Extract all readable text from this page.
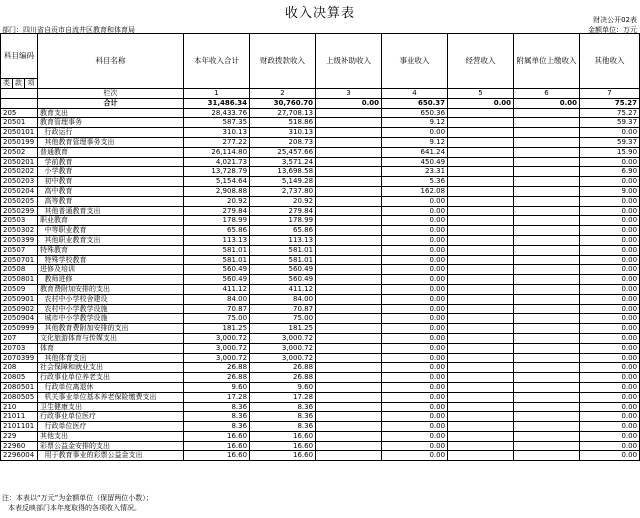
收入决算表	财决公开02表
部门：四川省自贡市自流井区教育和体育局	金额单位：万元
科目编码			科目名称	本年收入合计	财政拨款收入	上级补助收入	事业收入	经营收入	附属单位上缴收入	其他收入
类	款	项								
			栏次	1	2	3	4	5	6	7
			合计	31,486.34	30,760.70	0.00	650.37	0.00	0.00	75.27
205			教育支出	28,433.76	27,708.13		650.36			75.27
20501			教育管理事务	587.35	518.86		9.12			59.37
2050101			行政运行	310.13	310.13		0.00			0.00
2050199			其他教育管理事务支出	277.22	208.73		9.12			59.37
20502			普通教育	26,114.80	25,457.66		641.24			15.90
2050201			学前教育	4,021.73	3,571.24		450.49			0.00
2050202			小学教育	13,728.79	13,698.58		23.31			6.90
2050203			初中教育	5,154.64	5,149.28		5.36			0.00
2050204			高中教育	2,908.88	2,737.80		162.08			9.00
2050205			高等教育	20.92	20.92		0.00			0.00
2050299			其他普通教育支出	279.84	279.84		0.00			0.00
20503			职业教育	178.99	178.99		0.00			0.00
2050302			中等职业教育	65.86	65.86		0.00			0.00
2050399			其他职业教育支出	113.13	113.13		0.00			0.00
20507			特殊教育	581.01	581.01		0.00			0.00
2050701			特殊学校教育	581.01	581.01		0.00			0.00
20508			进修及培训	560.49	560.49		0.00			0.00
2050801			教师进修	560.49	560.49		0.00			0.00
20509			教育费附加安排的支出	411.12	411.12		0.00			0.00
2050901			农村中小学校舍建设	84.00	84.00		0.00			0.00
2050902			农村中小学教学设施	70.87	70.87		0.00			0.00
2050904			城市中小学教学设施	75.00	75.00		0.00			0.00
2050999			其他教育费附加安排的支出	181.25	181.25		0.00			0.00
207			文化旅游体育与传媒支出	3,000.72	3,000.72		0.00			0.00
20703			体育	3,000.72	3,000.72		0.00			0.00
2070399			其他体育支出	3,000.72	3,000.72		0.00			0.00
208			社会保障和就业支出	26.88	26.88		0.00			0.00
20805			行政事业单位养老支出	26.88	26.88		0.00			0.00
2080501			行政单位离退休	9.60	9.60		0.00			0.00
2080505			机关事业单位基本养老保险缴费支出	17.28	17.28		0.00			0.00
210			卫生健康支出	8.36	8.36		0.00			0.00
21011			行政事业单位医疗	8.36	8.36		0.00			0.00
2101101			行政单位医疗	8.36	8.36		0.00			0.00
229			其他支出	16.60	16.60		0.00			0.00
22960			彩票公益金安排的支出	16.60	16.60		0.00			0.00
2296004			用于教育事业的彩票公益金支出	16.60	16.60		0.00			0.00
注：本表以“万元”为金额单位（保留两位小数）；
本表反映部门本年度取得的各项收入情况。
